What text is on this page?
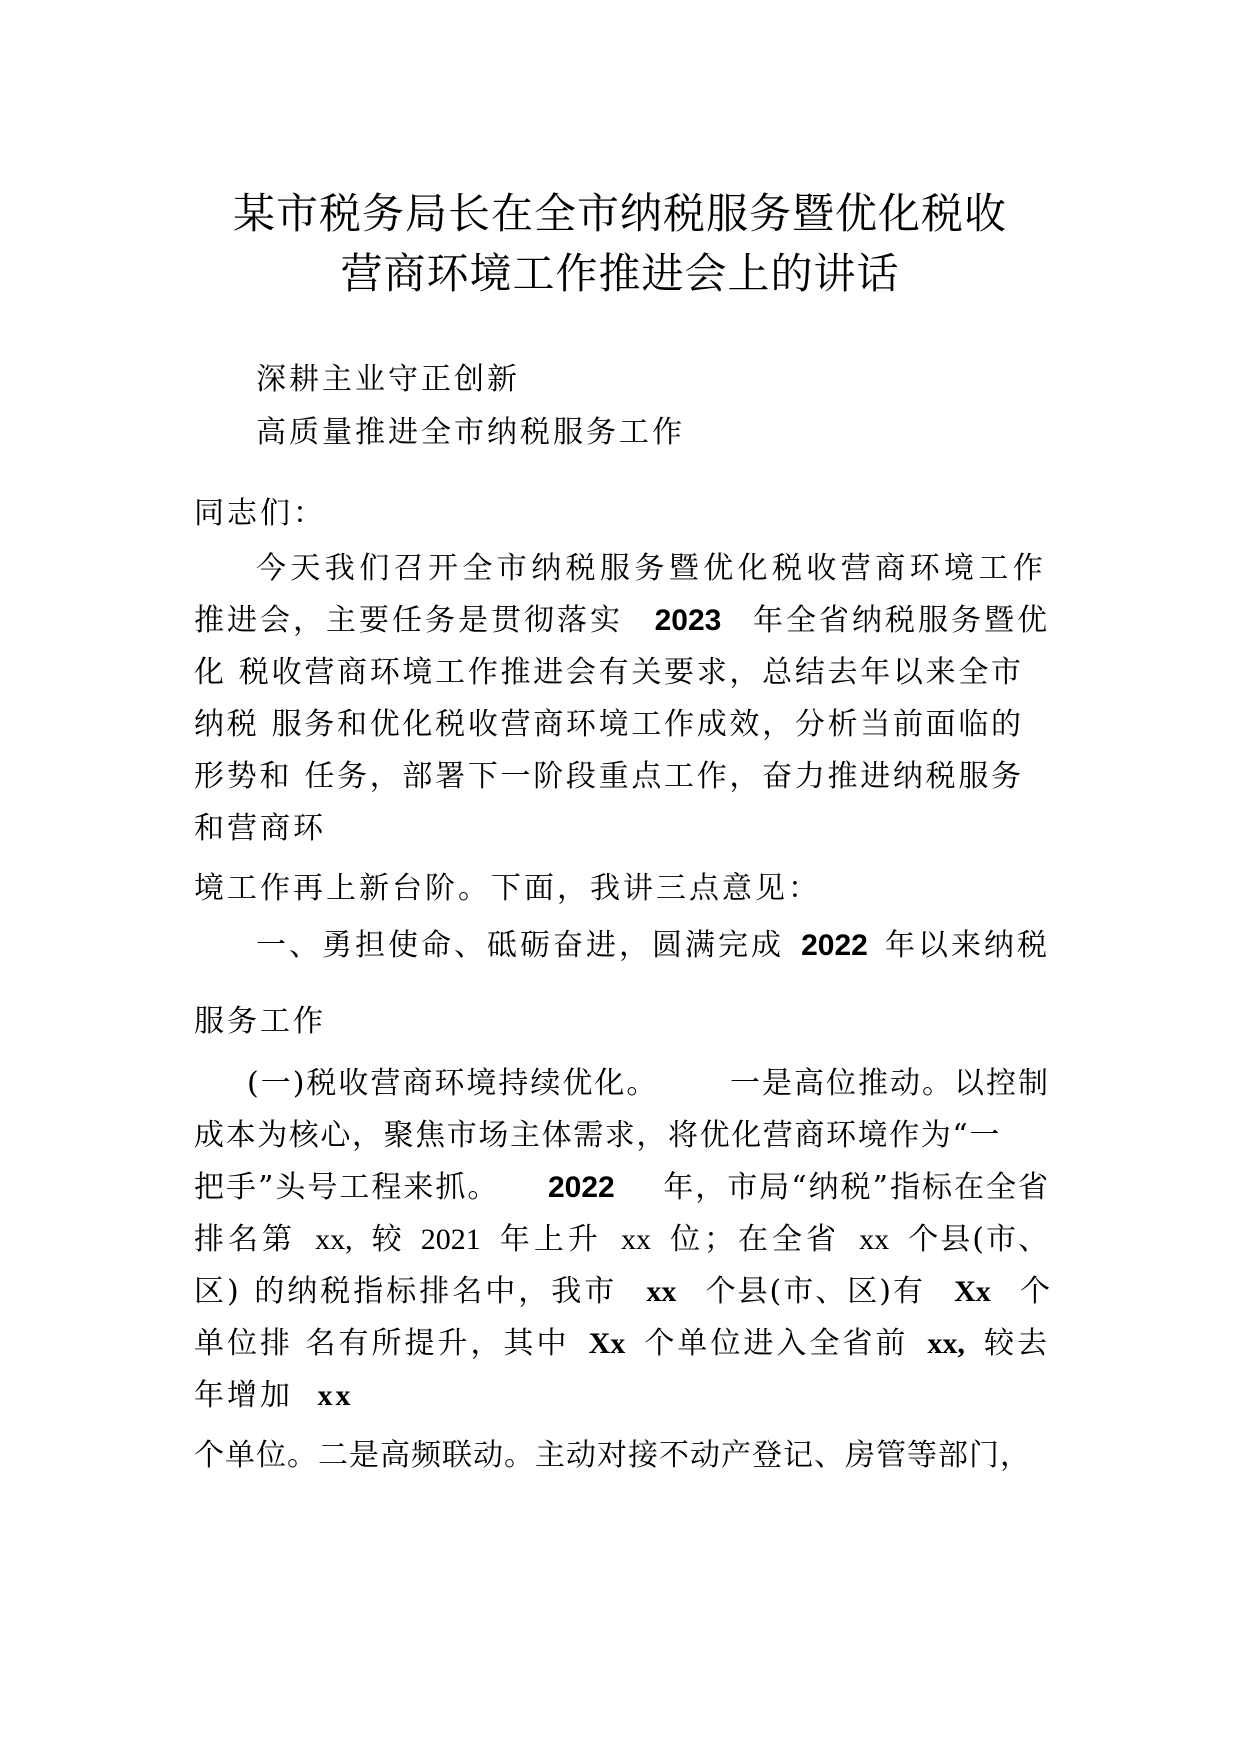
某市税务局长在全市纳税服务暨优化税收
营商环境工作推进会上的讲话
深耕主业守正创新
高质量推进全市纳税服务工作
同志们：
今天我们召开全市纳税服务暨优化税收营商环境工作
推进会，主要任务是贯彻落实 2023 年全省纳税服务暨优
化 税收营商环境工作推进会有关要求，总结去年以来全市
纳税 服务和优化税收营商环境工作成效，分析当前面临的
形势和 任务，部署下一阶段重点工作，奋力推进纳税服务
和营商环
境工作再上新台阶。下面，我讲三点意见：
一、勇担使命、砥砺奋进，圆满完成 2022 年以来纳税
服务工作
(一)税收营商环境持续优化。 一是高位推动。以控制
成本为核心，聚焦市场主体需求，将优化营商环境作为“一
把手”头号工程来抓。 2022 年，市局“纳税”指标在全省
排名第 xx, 较 2021 年上升 xx 位；在全省 xx 个县(市、
区) 的纳税指标排名中，我市 xx 个县(市、区)有 Xx 个
单位排 名有所提升，其中 Xx 个单位进入全省前 xx, 较去
年增加 xx
个单位。二是高频联动。主动对接不动产登记、房管等部门，
